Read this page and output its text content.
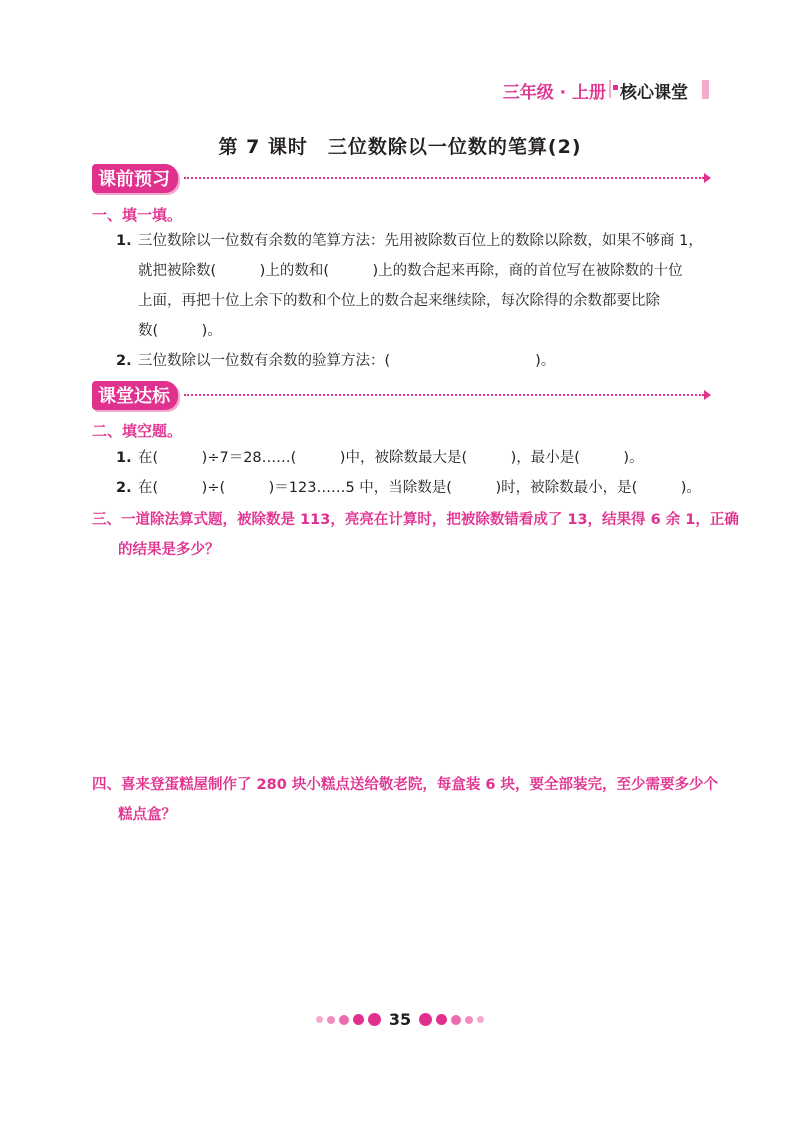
三年级 · 上册 核心课堂
第 7 课时　三位数除以一位数的笔算(2)
课前预习
一、填一填。
1. 三位数除以一位数有余数的笔算方法：先用被除数百位上的数除以除数，如果不够商 1，
就把被除数(　　　)上的数和(　　　)上的数合起来再除，商的首位写在被除数的十位
上面，再把十位上余下的数和个位上的数合起来继续除，每次除得的余数都要比除
数(　　　)。
2. 三位数除以一位数有余数的验算方法：(　　　　　　　　　　)。
课堂达标
二、填空题。
1. 在(　　　)÷7＝28……(　　　)中，被除数最大是(　　　)，最小是(　　　)。
2. 在(　　　)÷(　　　)＝123……5 中，当除数是(　　　)时，被除数最小，是(　　　)。
三、一道除法算式题，被除数是 113，亮亮在计算时，把被除数错看成了 13，结果得 6 余 1，正确
的结果是多少？
四、喜来登蛋糕屋制作了 280 块小糕点送给敬老院，每盒装 6 块，要全部装完，至少需要多少个
糕点盒？
35
